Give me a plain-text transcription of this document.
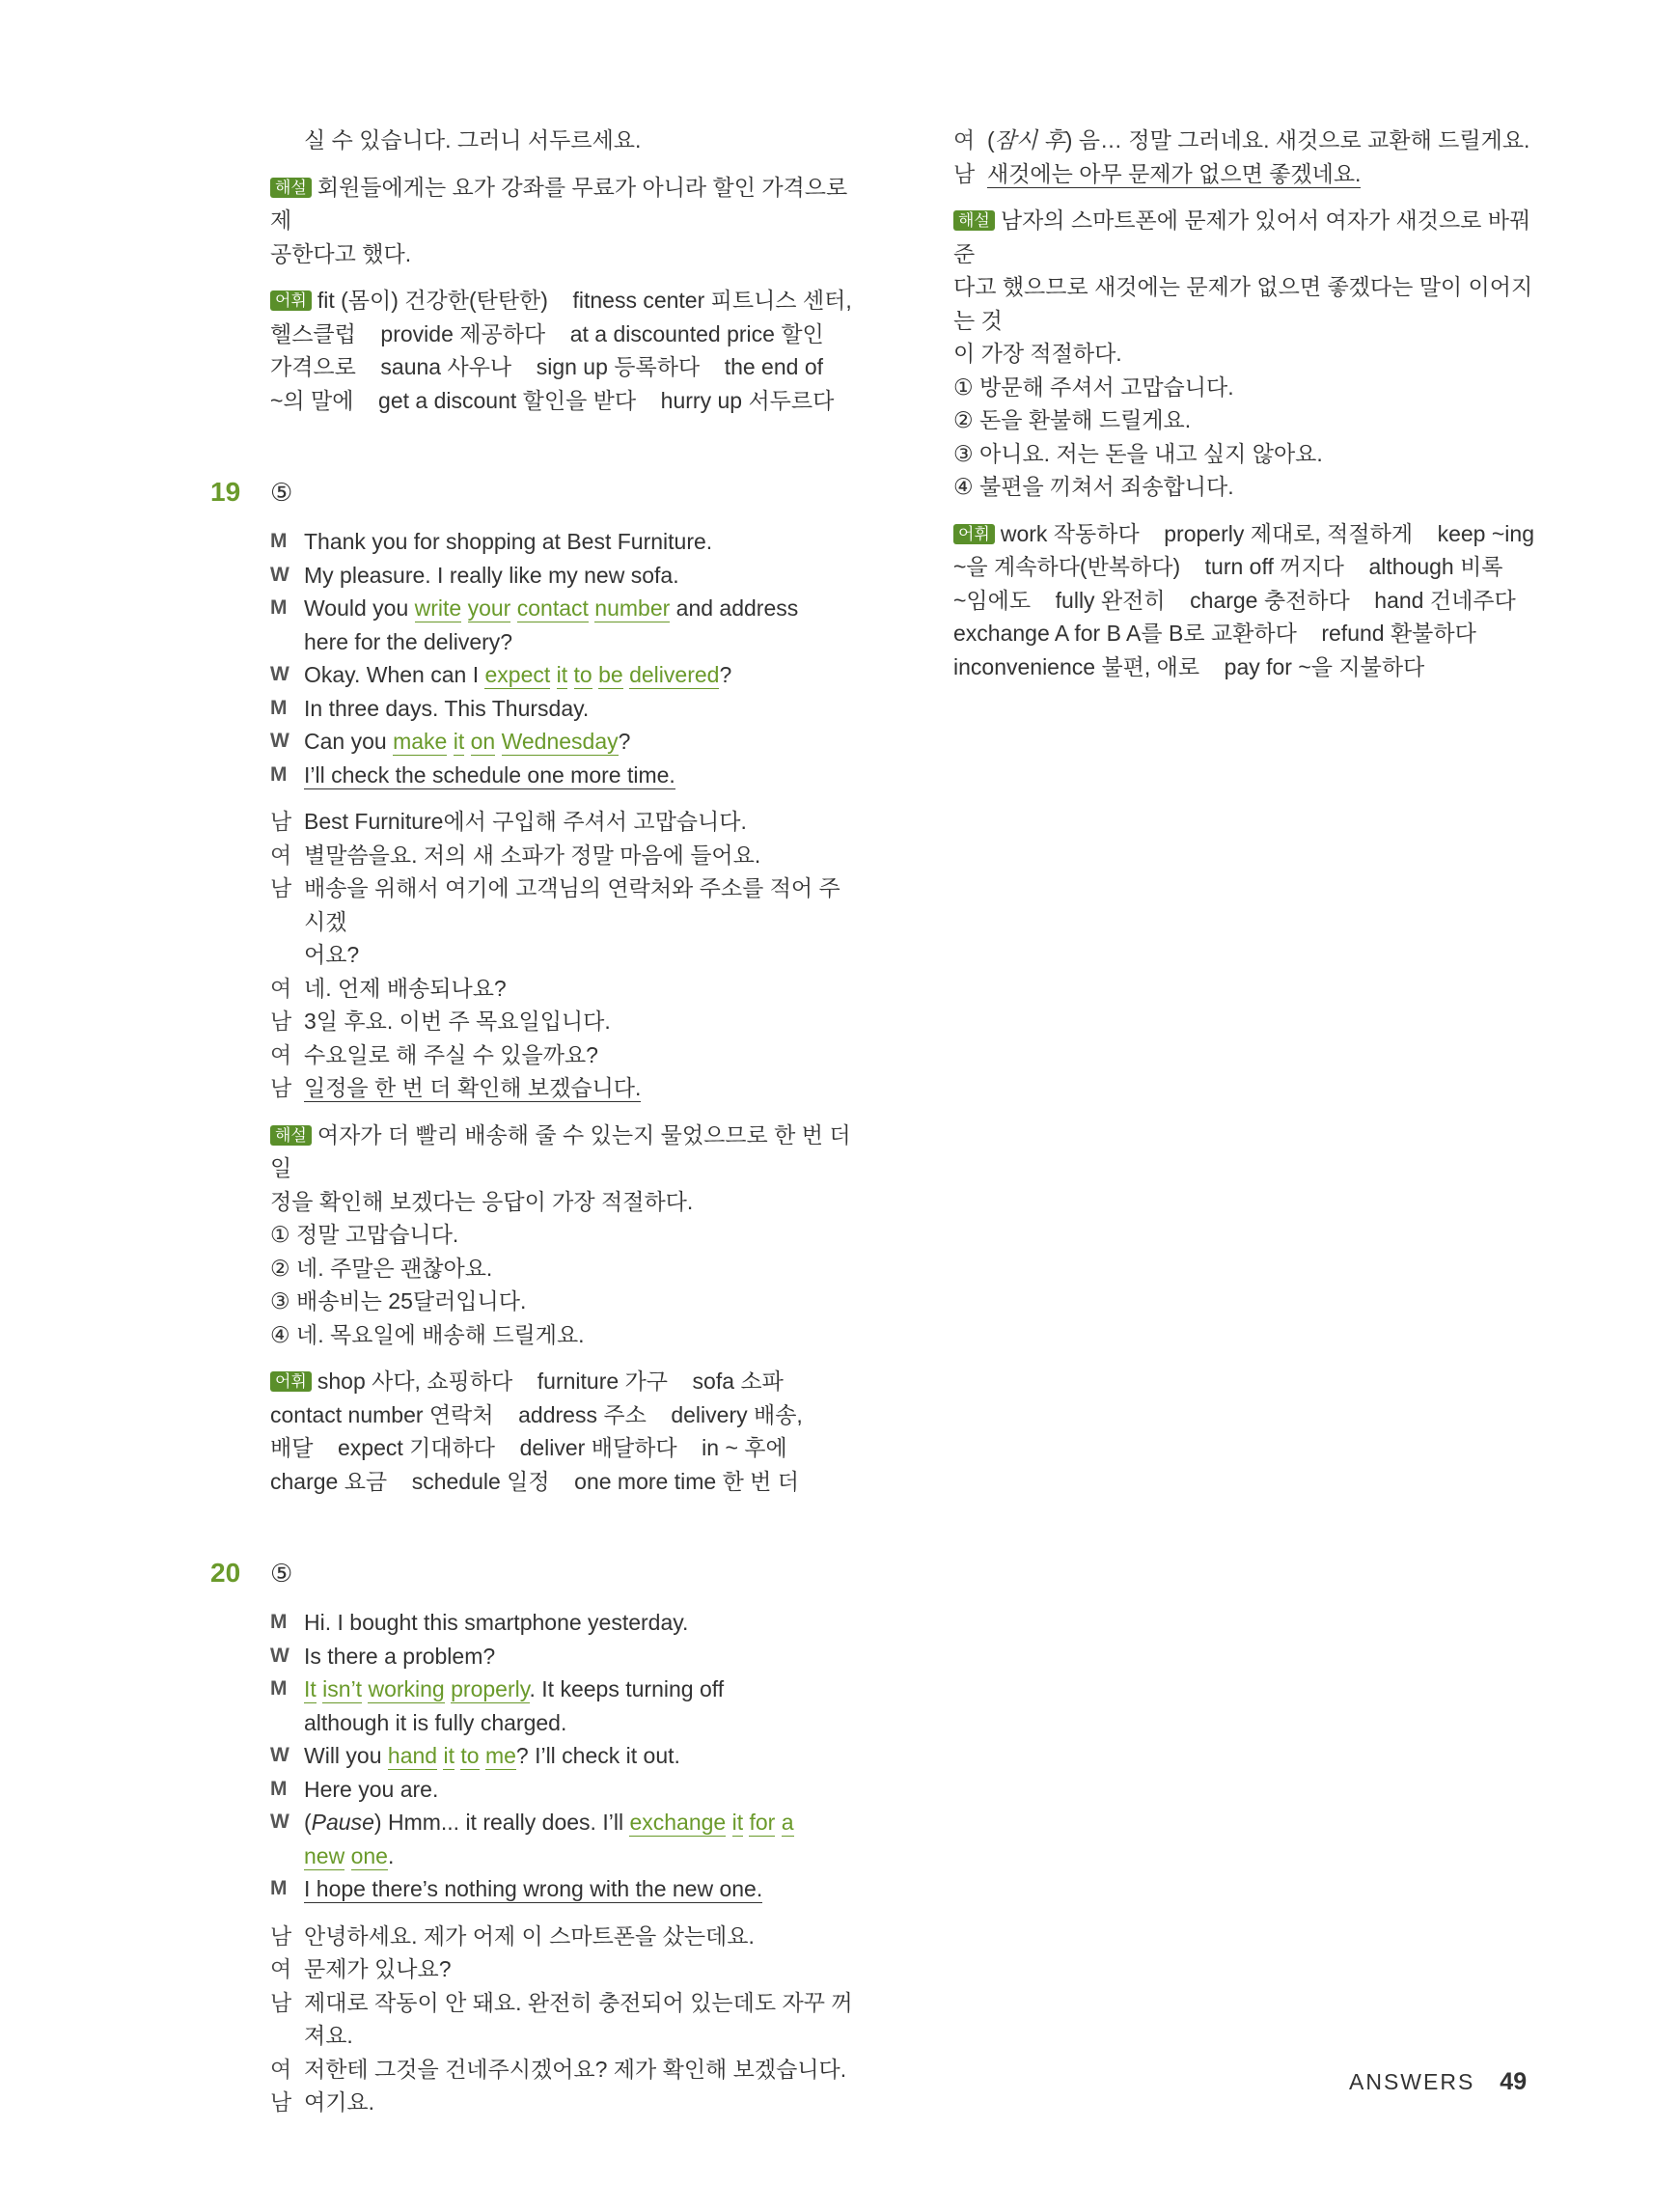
실 수 있습니다. 그러니 서두르세요.

해설 회원들에게는 요가 강좌를 무료가 아니라 할인 가격으로 제

공한다고 했다.

어휘 fit (몸이) 건강한(탄탄한)    fitness center 피트니스 센터,

헬스클럽    provide 제공하다    at a discounted price 할인

가격으로    sauna 사우나    sign up 등록하다    the end of

~의 말에    get a discount 할인을 받다    hurry up 서두르다

19	⑤
M Thank you for shopping at Best Furniture.
W My pleasure. I really like my new sofa.
M Would you write your contact number and address
here for the delivery?
W Okay. When can I expect it to be delivered?
M In three days. This Thursday.
W Can you make it on Wednesday?
M I’ll check the schedule one more time.
남 Best Furniture에서 구입해 주셔서 고맙습니다.
여 별말씀을요. 저의 새 소파가 정말 마음에 들어요.
남 배송을 위해서 여기에 고객님의 연락처와 주소를 적어 주시겠
어요?
여 네. 언제 배송되나요?
남 3일 후요. 이번 주 목요일입니다.
여 수요일로 해 주실 수 있을까요?
남 일정을 한 번 더 확인해 보겠습니다.

해설 여자가 더 빨리 배송해 줄 수 있는지 물었으므로 한 번 더 일

정을 확인해 보겠다는 응답이 가장 적절하다.

① 정말 고맙습니다.

② 네. 주말은 괜찮아요.

③ 배송비는 25달러입니다.

④ 네. 목요일에 배송해 드릴게요.

어휘 shop 사다, 쇼핑하다    furniture 가구    sofa 소파

contact number 연락처    address 주소    delivery 배송,

배달    expect 기대하다    deliver 배달하다    in ~ 후에

charge 요금    schedule 일정    one more time 한 번 더

20	⑤
M Hi. I bought this smartphone yesterday.
W Is there a problem?
M It isn’t working properly. It keeps turning off
although it is fully charged.
W Will you hand it to me? I’ll check it out.
M Here you are.
W (Pause) Hmm... it really does. I’ll exchange it for a
new one.
M I hope there’s nothing wrong with the new one.
남 안녕하세요. 제가 어제 이 스마트폰을 샀는데요.
여 문제가 있나요?
남 제대로 작동이 안 돼요. 완전히 충전되어 있는데도 자꾸 꺼져요.
여 저한테 그것을 건네주시겠어요? 제가 확인해 보겠습니다.
남 여기요.
여 (잠시 후) 음… 정말 그러네요. 새것으로 교환해 드릴게요.
남 새것에는 아무 문제가 없으면 좋겠네요.

해설 남자의 스마트폰에 문제가 있어서 여자가 새것으로 바꿔 준

다고 했으므로 새것에는 문제가 없으면 좋겠다는 말이 이어지는 것

이 가장 적절하다.

① 방문해 주셔서 고맙습니다.

② 돈을 환불해 드릴게요.

③ 아니요. 저는 돈을 내고 싶지 않아요.

④ 불편을 끼쳐서 죄송합니다.

어휘 work 작동하다    properly 제대로, 적절하게    keep ~ing

~을 계속하다(반복하다)    turn off 꺼지다    although 비록

~임에도    fully 완전히    charge 충전하다    hand 건네주다

exchange A for B A를 B로 교환하다    refund 환불하다

inconvenience 불편, 애로    pay for ~을 지불하다

ANSWERS 49
